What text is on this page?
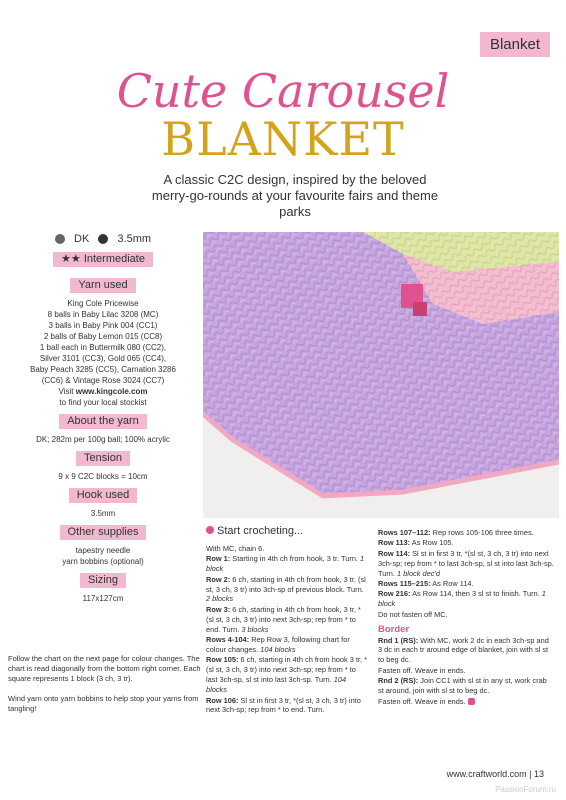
Blanket
Cute Carousel
BLANKET
A classic C2C design, inspired by the beloved merry-go-rounds at your favourite fairs and theme parks
DK	3.5mm
★★ Intermediate
Yarn used
King Cole Pricewise
8 balls in Baby Lilac 3208 (MC)
3 balls in Baby Pink 004 (CC1)
2 balls of Baby Lemon 015 (CC8)
1 ball each in Buttermilk 080 (CC2),
Silver 3101 (CC3), Gold 065 (CC4),
Baby Peach 3285 (CC5), Carnation 3286
(CC6) & Vintage Rose 3024 (CC7)
Visit www.kingcole.com
to find your local stockist
About the yarn
DK; 282m per 100g ball; 100% acrylic
Tension
9 x 9 C2C blocks = 10cm
Hook used
3.5mm
Other supplies
tapestry needle
yarn bobbins (optional)
Sizing
117x127cm

Follow the chart on the next page for colour changes. The chart is read diagonally from the bottom right corner. Each square represents 1 block (3 ch, 3 tr).

Wind yarn onto yarn bobbins to help stop your yarns from tangling!

Start crocheting...

With MC, chain 6.

Row 1: Starting in 4th ch from hook, 3 tr. Turn. 1 block

Row 2: 6 ch, starting in 4th ch from hook, 3 tr, (sl st, 3 ch, 3 tr) into 3ch-sp of previous block. Turn. 2 blocks

Row 3: 6 ch, starting in 4th ch from hook, 3 tr, *(sl st, 3 ch, 3 tr) into next 3ch-sp; rep from * to end. Turn. 3 blocks

Rows 4-104: Rep Row 3, following chart for colour changes. 104 blocks

Row 105: 6 ch, starting in 4th ch from hook 3 tr, *(sl st, 3 ch, 3 tr) into next 3ch-sp; rep from * to last 3ch-sp, sl st into last 3ch-sp. Turn. 104 blocks

Row 106: Sl st in first 3 tr, *(sl st, 3 ch, 3 tr) into next 3ch-sp; rep from * to end. Turn.

Rows 107–112: Rep rows 105-106 three times.

Row 113: As Row 105.

Row 114: Sl st in first 3 tr, *(sl st, 3 ch, 3 tr) into next 3ch-sp; rep from * to last 3ch-sp, sl st into last 3ch-sp. Turn. 1 block dec'd

Rows 115–215: As Row 114.

Row 216: As Row 114, then 3 sl st to finish. Turn. 1 block

Do not fasten off MC.

Border

Rnd 1 (RS): With MC, work 2 dc in each 3ch-sp and 3 dc in each tr around edge of blanket, join with sl st to beg dc.

Fasten off. Weave in ends.

Rnd 2 (RS): Join CC1 with sl st in any st, work crab st around, join with sl st to beg dc.

Fasten off. Weave in ends.

www.craftworld.com | 13
PassionForum.ru
